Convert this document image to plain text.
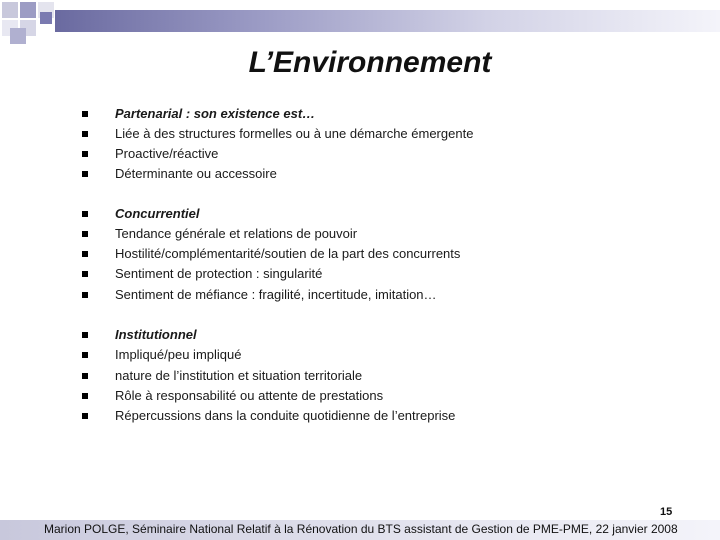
L’Environnement
Partenarial : son existence est…
Liée à des structures formelles ou à une démarche émergente
Proactive/réactive
Déterminante ou accessoire
Concurrentiel
Tendance générale et relations de pouvoir
Hostilité/complémentarité/soutien de la part des concurrents
Sentiment de protection : singularité
Sentiment de méfiance : fragilité, incertitude, imitation…
Institutionnel
Impliqué/peu impliqué
nature de l’institution et situation territoriale
Rôle à responsabilité ou attente de prestations
Répercussions dans la conduite quotidienne de l’entreprise
15
Marion POLGE, Séminaire National Relatif à la Rénovation du BTS assistant de Gestion de PME-PME, 22 janvier 2008
